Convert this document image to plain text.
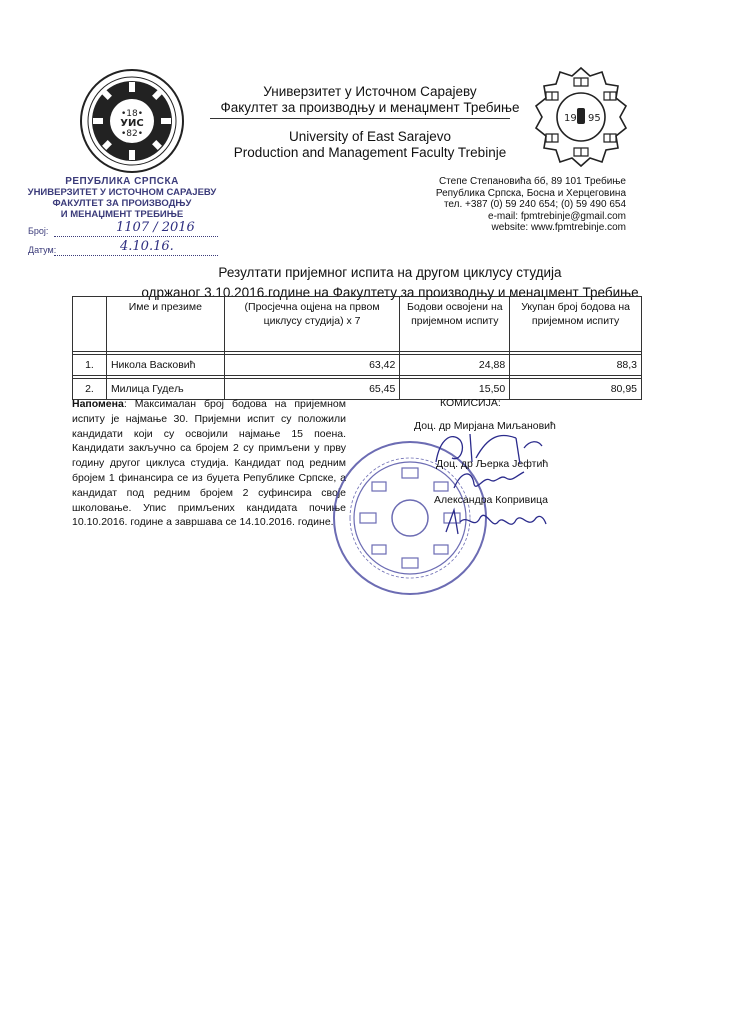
•18•
УИС
•82•
19 95
Универзитет у Источном Сарајеву
Факултет за производњу и менаџмент Требиње
University of East Sarajevo
Production and Management Faculty Trebinje
Степе Степановића бб, 89 101 Требиње
Република Српска, Босна и Херцеговина
тел. +387 (0) 59 240 654; (0) 59 490 654
e-mail: fpmtrebinje@gmail.com
website: www.fpmtrebinje.com
РЕПУБЛИКА СРПСКА
УНИВЕРЗИТЕТ У ИСТОЧНОМ САРАЈЕВУ
ФАКУЛТЕТ ЗА ПРОИЗВОДЊУ
И МЕНАЏМЕНТ ТРЕБИЊЕ
Број:	1107 / 2016
Датум:	4.10.16.
Резултати пријемног испита на другом циклусу студија
одржаног 3.10.2016.године на Факултету за производњу и менаџмент Требиње
	Име и презиме	(Просјечна оцјена на првом циклусу студија) х 7	Бодови освојени на пријемном испиту	Укупан број бодова на пријемном испиту

1.	Никола Васковић	63,42	24,88	88,3

2.	Милица Гудељ	65,45	15,50	80,95
Напомена: Максималан број бодова на пријемном испиту је најмање 30. Пријемни испит су положили кандидати који су освојили најмање 15 поена. Кандидати закључно са бројем 2 су примљени у прву годину другог циклуса студија. Кандидат под редним бројем 1 финансира се из буџета Републике Српске, а кандидат под редним бројем 2 суфинсира своје школовање. Упис примљених кандидата почиње 10.10.2016. године а завршава се 14.10.2016. године.
КОМИСИЈА:
Доц. др Мирјана Миљановић
Доц. др Љерка Јефтић
Александра Копривица
